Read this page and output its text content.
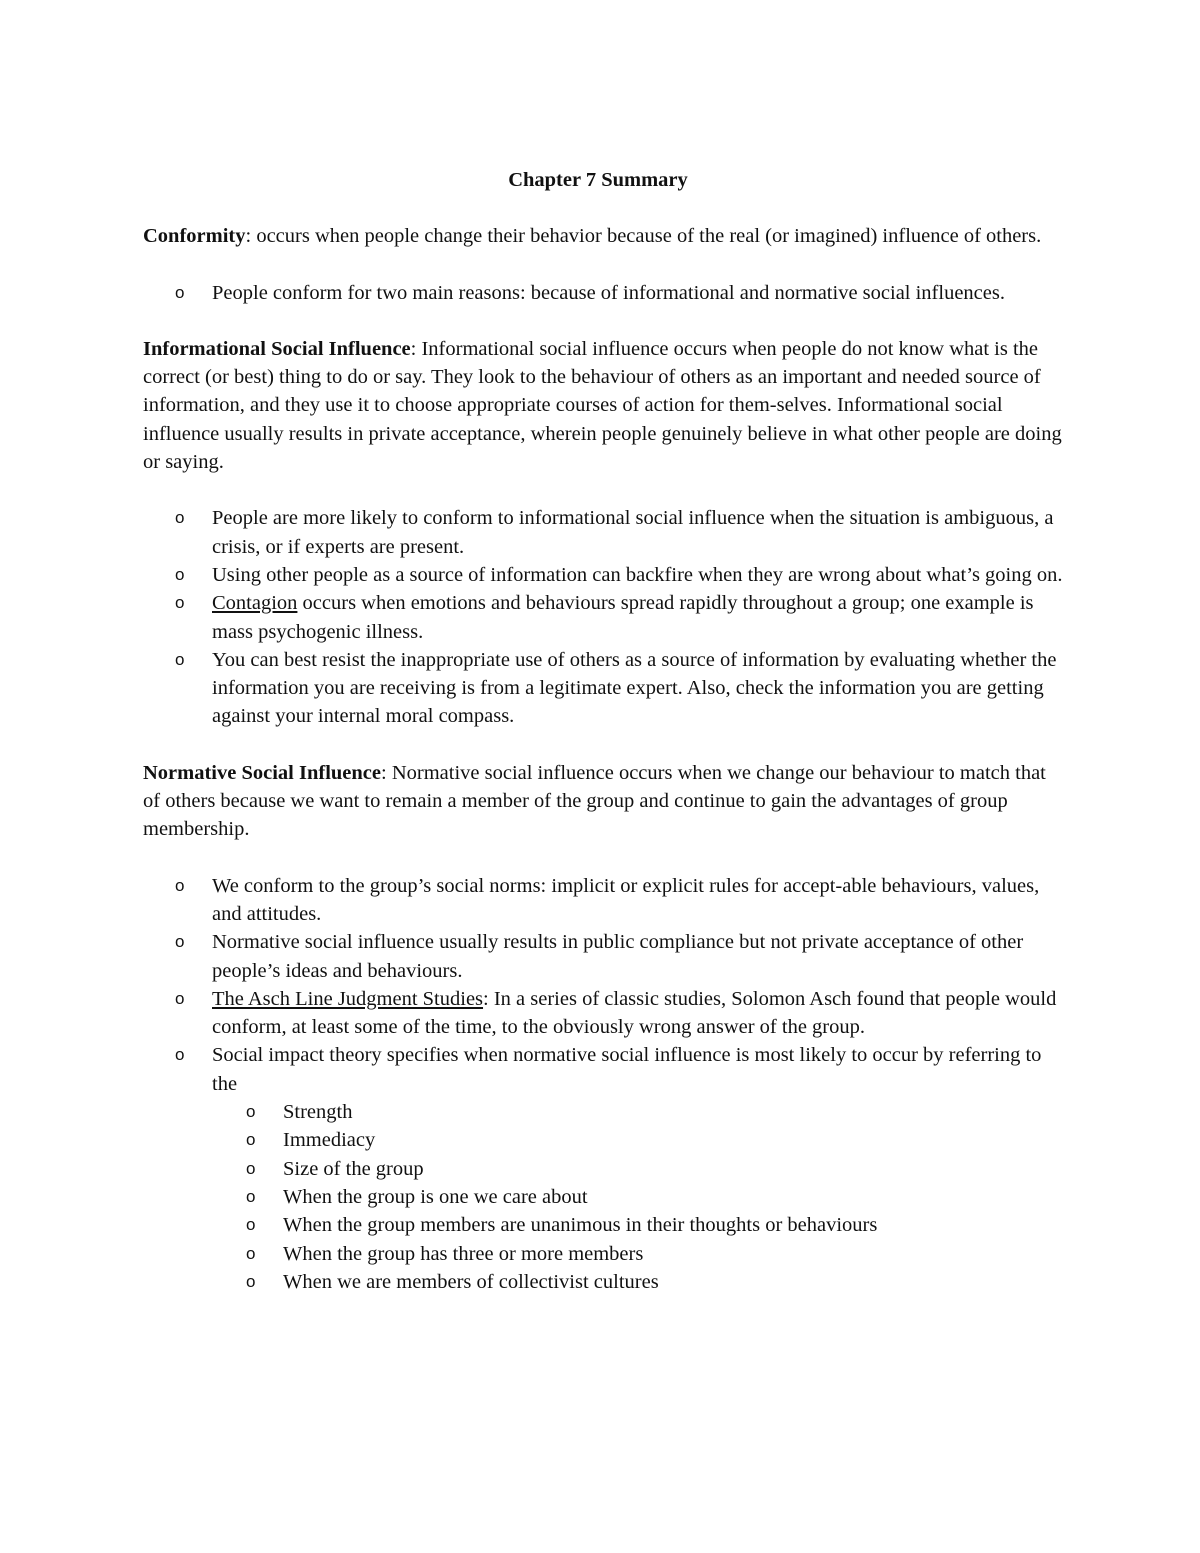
Chapter 7 Summary

Conformity: occurs when people change their behavior because of the real (or imagined) influence of others.

o People conform for two main reasons: because of informational and normative social influences.

Informational Social Influence: Informational social influence occurs when people do not know what is the correct (or best) thing to do or say. They look to the behaviour of others as an important and needed source of information, and they use it to choose appropriate courses of action for them-selves. Informational social influence usually results in private acceptance, wherein people genuinely believe in what other people are doing or saying.

o People are more likely to conform to informational social influence when the situation is ambiguous, a crisis, or if experts are present.
o Using other people as a source of information can backfire when they are wrong about what’s going on.
o Contagion occurs when emotions and behaviours spread rapidly throughout a group; one example is mass psychogenic illness.
o You can best resist the inappropriate use of others as a source of information by evaluating whether the information you are receiving is from a legitimate expert. Also, check the information you are getting against your internal moral compass.

Normative Social Influence: Normative social influence occurs when we change our behaviour to match that of others because we want to remain a member of the group and continue to gain the advantages of group membership.

o We conform to the group’s social norms: implicit or explicit rules for accept-able behaviours, values, and attitudes.
o Normative social influence usually results in public compliance but not private acceptance of other people’s ideas and behaviours.
o The Asch Line Judgment Studies: In a series of classic studies, Solomon Asch found that people would conform, at least some of the time, to the obviously wrong answer of the group.
o Social impact theory specifies when normative social influence is most likely to occur by referring to the
o Strength
o Immediacy
o Size of the group
o When the group is one we care about
o When the group members are unanimous in their thoughts or behaviours
o When the group has three or more members
o When we are members of collectivist cultures
